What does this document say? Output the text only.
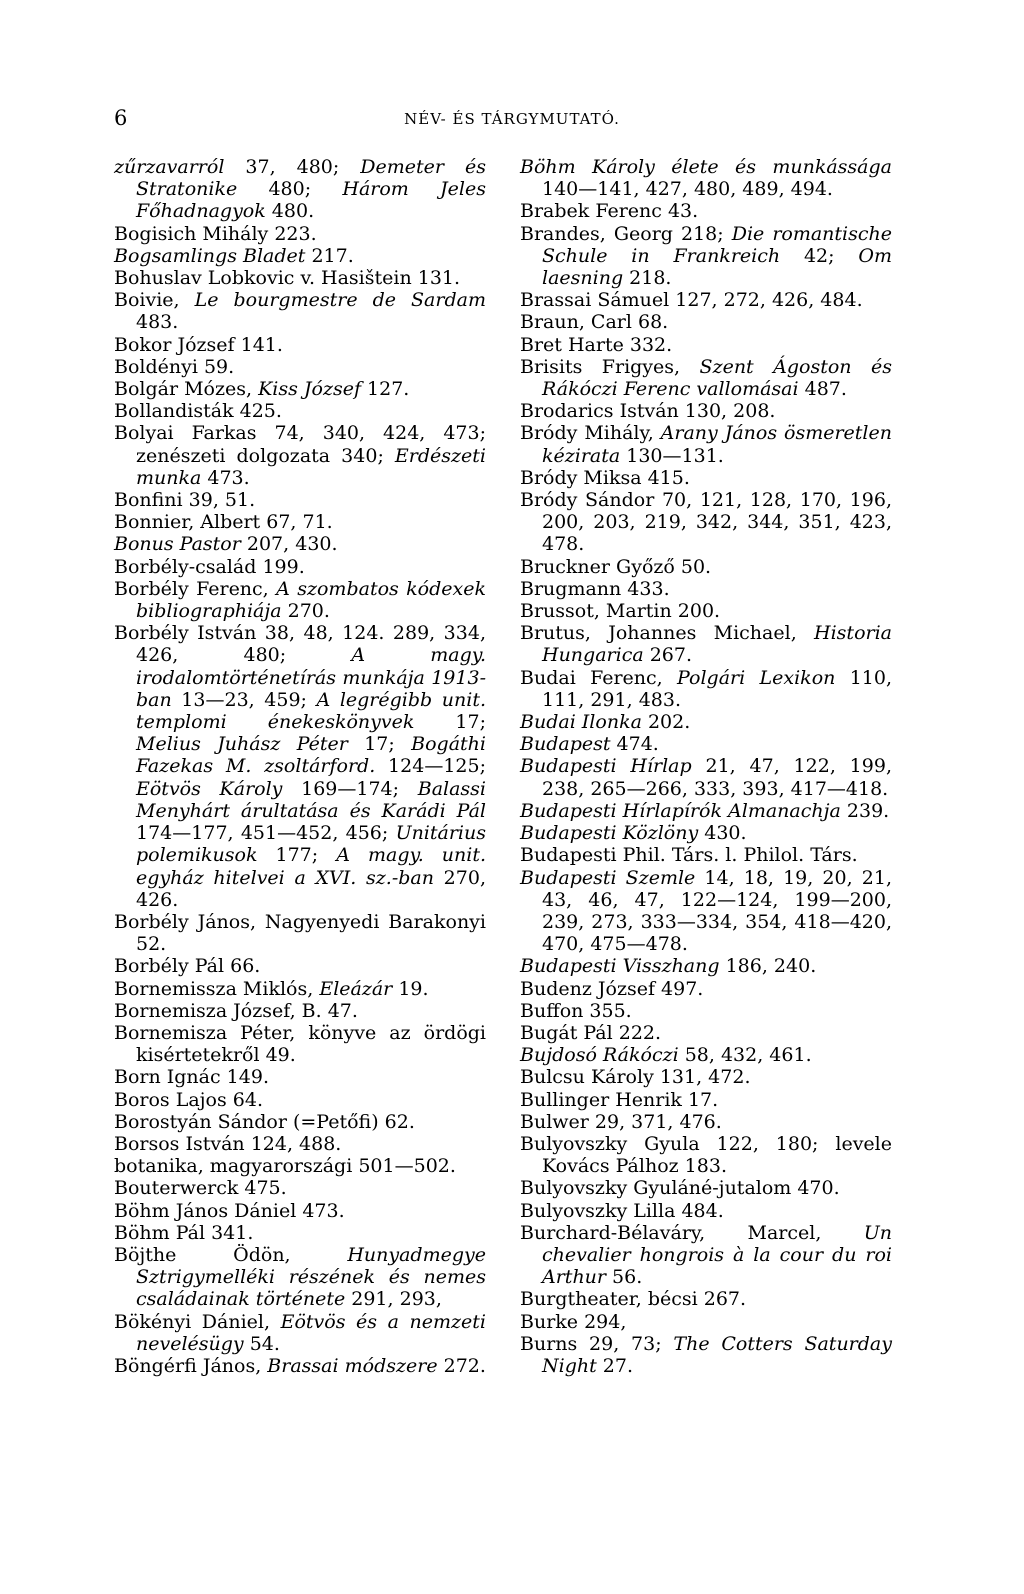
6	NÉV- ÉS TÁRGYMUTATÓ.

zűrzavarról 37, 480; Demeter és Stratonike 480; Három Jeles Főhadnagyok 480.

Bogisich Mihály 223.

Bogsamlings Bladet 217.

Bohuslav Lobkovic v. Hasištein 131.

Boivie, Le bourgmestre de Sardam 483.

Bokor József 141.

Boldényi 59.

Bolgár Mózes, Kiss József 127.

Bollandisták 425.

Bolyai Farkas 74, 340, 424, 473; zenészeti dolgozata 340; Erdészeti munka 473.

Bonfini 39, 51.

Bonnier, Albert 67, 71.

Bonus Pastor 207, 430.

Borbély-család 199.

Borbély Ferenc, A szombatos kódexek bibliographiája 270.

Borbély István 38, 48, 124. 289, 334, 426, 480; A magy. irodalomtörténetírás munkája 1913-ban 13—23, 459; A legrégibb unit. templomi énekeskönyvek 17; Melius Juhász Péter 17; Bogáthi Fazekas M. zsoltárford. 124—125; Eötvös Károly 169—174; Balassi Menyhárt árultatása és Karádi Pál 174—177, 451—452, 456; Unitárius polemikusok 177; A magy. unit. egyház hitelvei a XVI. sz.-ban 270, 426.

Borbély János, Nagyenyedi Barakonyi 52.

Borbély Pál 66.

Bornemissza Miklós, Eleázár 19.

Bornemisza József, B. 47.

Bornemisza Péter, könyve az ördögi kisértetekről 49.

Born Ignác 149.

Boros Lajos 64.

Borostyán Sándor (=Petőfi) 62.

Borsos István 124, 488.

botanika, magyarországi 501—502.

Bouterwerck 475.

Böhm János Dániel 473.

Böhm Pál 341.

Böjthe Ödön, Hunyadmegye Sztrigymelléki részének és nemes családainak története 291, 293,

Bökényi Dániel, Eötvös és a nemzeti nevelésügy 54.

Böngérfi János, Brassai módszere 272.

Böhm Károly élete és munkássága 140—141, 427, 480, 489, 494.

Brabek Ferenc 43.

Brandes, Georg 218; Die romantische Schule in Frankreich 42; Om laesning 218.

Brassai Sámuel 127, 272, 426, 484.

Braun, Carl 68.

Bret Harte 332.

Brisits Frigyes, Szent Ágoston és Rákóczi Ferenc vallomásai 487.

Brodarics István 130, 208.

Bródy Mihály, Arany János ösmeretlen kézirata 130—131.

Bródy Miksa 415.

Bródy Sándor 70, 121, 128, 170, 196, 200, 203, 219, 342, 344, 351, 423, 478.

Bruckner Győző 50.

Brugmann 433.

Brussot, Martin 200.

Brutus, Johannes Michael, Historia Hungarica 267.

Budai Ferenc, Polgári Lexikon 110, 111, 291, 483.

Budai Ilonka 202.

Budapest 474.

Budapesti Hírlap 21, 47, 122, 199, 238, 265—266, 333, 393, 417—418.

Budapesti Hírlapírók Almanachja 239.

Budapesti Közlöny 430.

Budapesti Phil. Társ. l. Philol. Társ.

Budapesti Szemle 14, 18, 19, 20, 21, 43, 46, 47, 122—124, 199—200, 239, 273, 333—334, 354, 418—420, 470, 475—478.

Budapesti Visszhang 186, 240.

Budenz József 497.

Buffon 355.

Bugát Pál 222.

Bujdosó Rákóczi 58, 432, 461.

Bulcsu Károly 131, 472.

Bullinger Henrik 17.

Bulwer 29, 371, 476.

Bulyovszky Gyula 122, 180; levele Kovács Pálhoz 183.

Bulyovszky Gyuláné-jutalom 470.

Bulyovszky Lilla 484.

Burchard-Bélaváry, Marcel, Un chevalier hongrois à la cour du roi Arthur 56.

Burgtheater, bécsi 267.

Burke 294,

Burns 29, 73; The Cotters Saturday Night 27.
